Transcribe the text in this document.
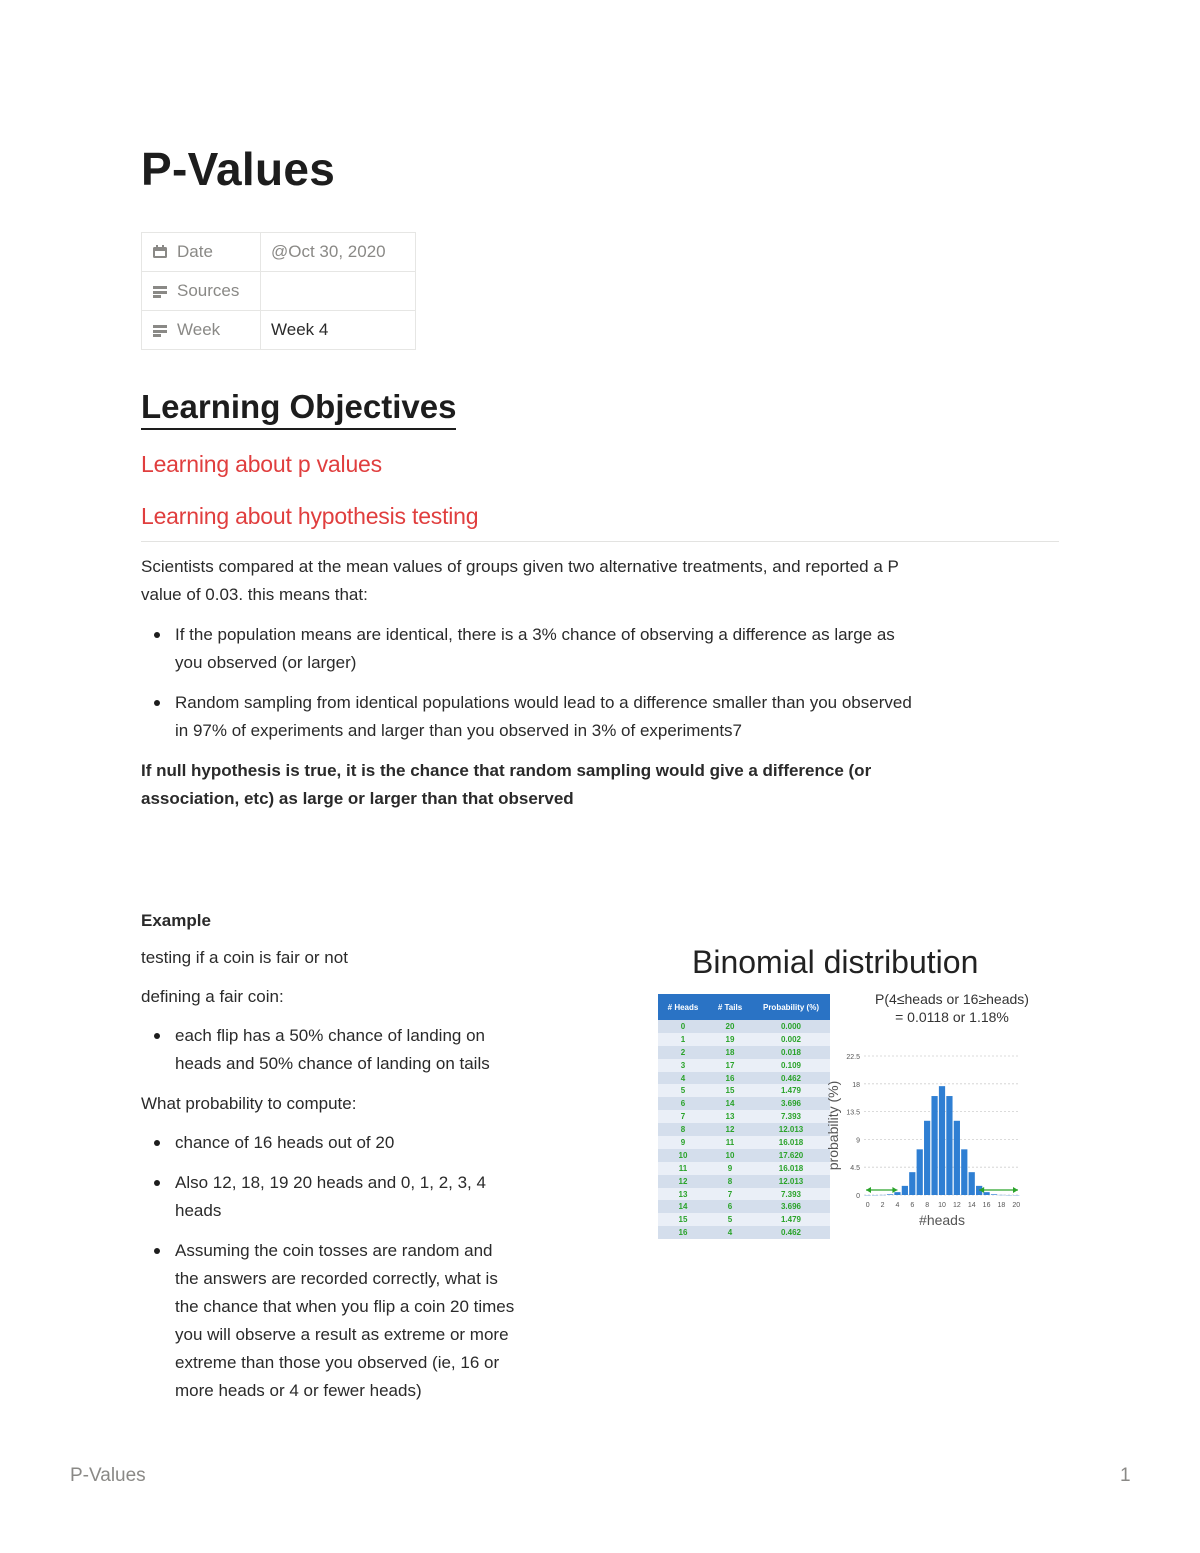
P-Values
Date	@Oct 30, 2020
Sources	
Week	Week 4
Learning Objectives
Learning about p values
Learning about hypothesis testing

Scientists compared at the mean values of groups given two alternative treatments, and reported a P
value of 0.03. this means that:

If the population means are identical, there is a 3% chance of observing a difference as large as
you observed (or larger)
Random sampling from identical populations would lead to a difference smaller than you observed
in 97% of experiments and larger than you observed in 3% of experiments7

If null hypothesis is true, it is the chance that random sampling would give a difference (or
association, etc) as large or larger than that observed

Example

testing if a coin is fair or not

defining a fair coin:

each flip has a 50% chance of landing on
heads and 50% chance of landing on tails

What probability to compute:

chance of 16 heads out of 20
Also 12, 18, 19 20 heads and 0, 1, 2, 3, 4
heads
Assuming the coin tosses are random and
the answers are recorded correctly, what is
the chance that when you flip a coin 20 times
you will observe a result as extreme or more
extreme than those you observed (ie, 16 or
more heads or 4 or fewer heads)

Binomial distribution

# Heads	# Tails	Probability (%)
0	20	0.000
1	19	0.002
2	18	0.018
3	17	0.109
4	16	0.462
5	15	1.479
6	14	3.696
7	13	7.393
8	12	12.013
9	11	16.018
10	10	17.620
11	9	16.018
12	8	12.013
13	7	7.393
14	6	3.696
15	5	1.479
16	4	0.462
P(4≤heads or 16≥heads)
= 0.0118 or 1.18%
0
4.5
9
13.5
18
22.5
0 2 4 6 8 10 12 14 16 18 20
#heads
probability (%)

P-Values	1
